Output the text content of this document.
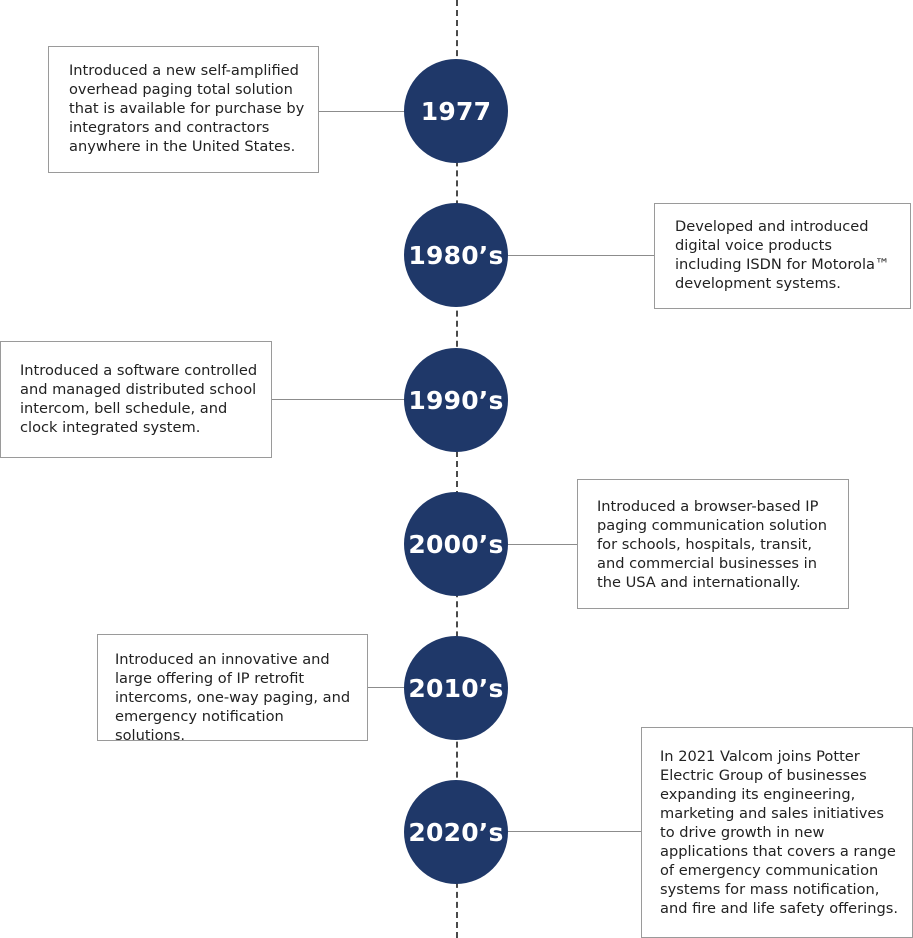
Introduced a new self-amplified overhead paging total solution that is available for purchase by integrators and contractors anywhere in the United States.

1977

Developed and introduced digital voice products including ISDN for Motorola™ development systems.

1980’s

Introduced a software controlled and managed distributed school intercom, bell schedule, and clock integrated system.

1990’s

Introduced a browser-based IP paging communication solution for schools, hospitals, transit, and commercial businesses in the USA and internationally.

2000’s

Introduced an innovative and large offering of IP retrofit intercoms, one-way paging, and emergency notification solutions.

2010’s

In 2021 Valcom joins Potter Electric Group of businesses expanding its engineering, marketing and sales initiatives to drive growth in new applications that covers a range of emergency communication systems for mass notification, and fire and life safety offerings.

2020’s
